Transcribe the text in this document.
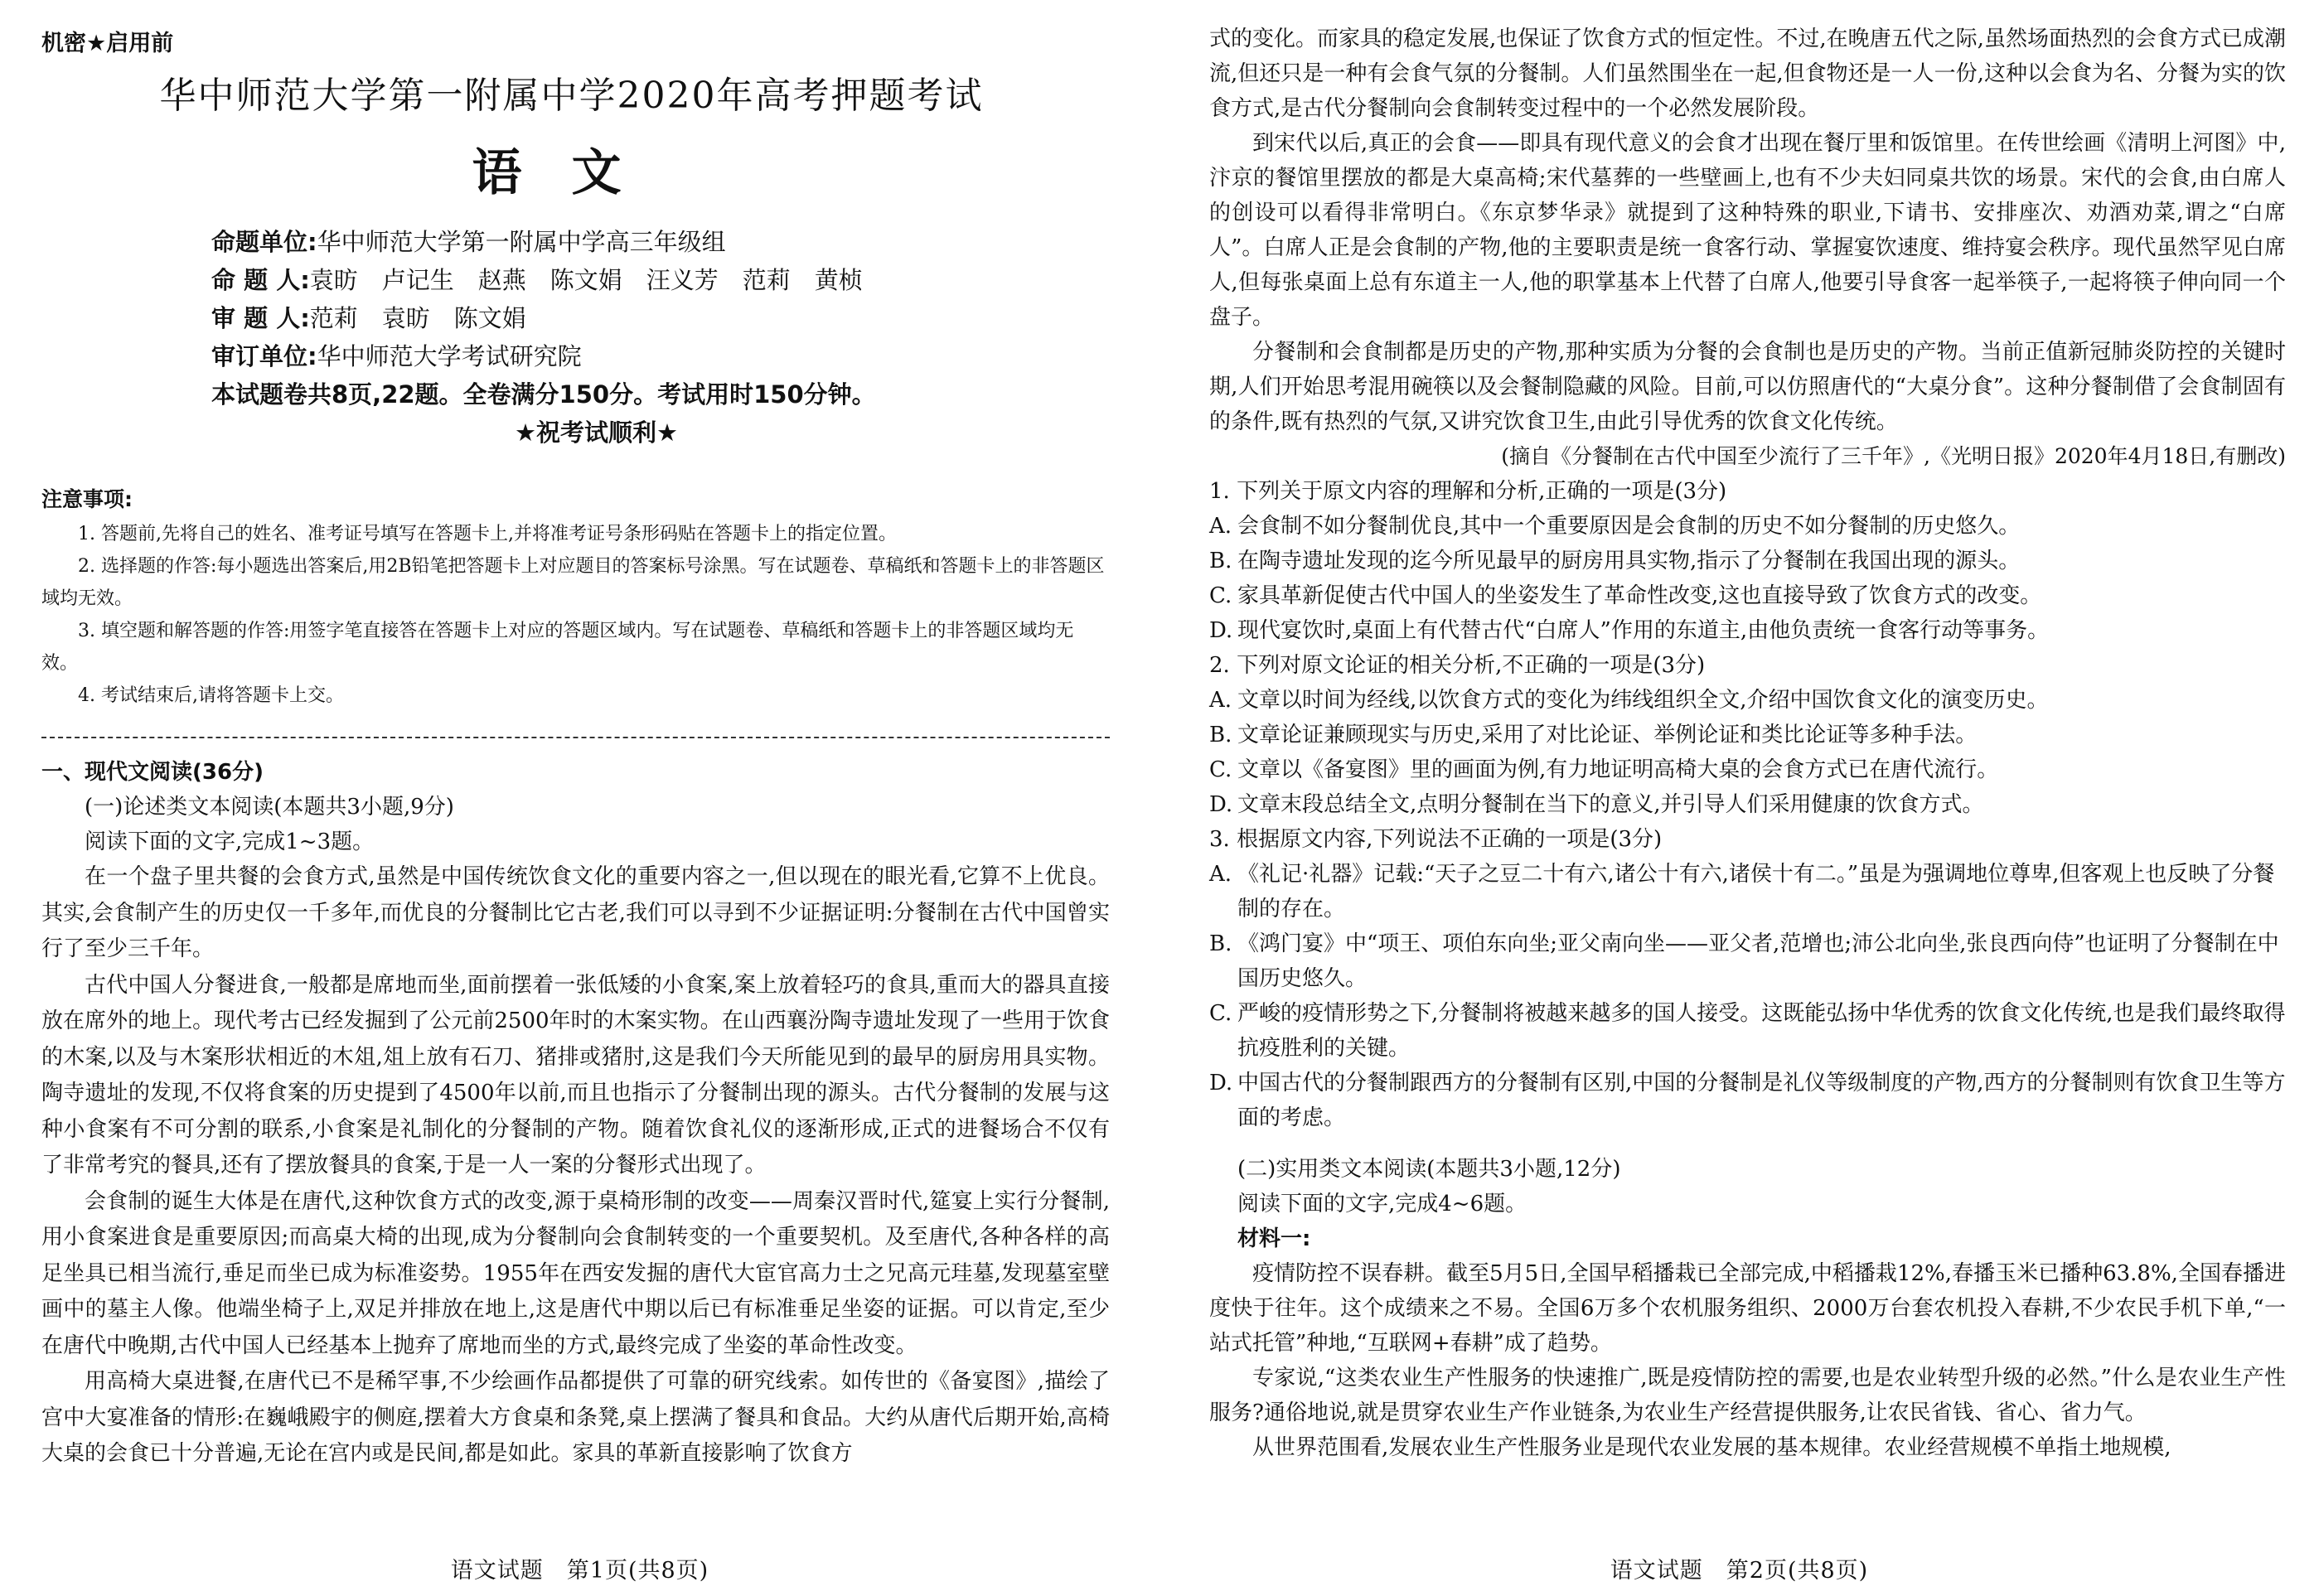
机密★启用前
华中师范大学第一附属中学2020年高考押题考试
语文
命题单位:华中师范大学第一附属中学高三年级组
命 题 人:袁昉　卢记生　赵燕　陈文娟　汪义芳　范莉　黄桢
审 题 人:范莉　袁昉　陈文娟
审订单位:华中师范大学考试研究院
本试题卷共8页,22题。全卷满分150分。考试用时150分钟。
★祝考试顺利★
注意事项:
1. 答题前,先将自己的姓名、准考证号填写在答题卡上,并将准考证号条形码贴在答题卡上的指定位置。
2. 选择题的作答:每小题选出答案后,用2B铅笔把答题卡上对应题目的答案标号涂黑。写在试题卷、草稿纸和答题卡上的非答题区域均无效。
3. 填空题和解答题的作答:用签字笔直接答在答题卡上对应的答题区域内。写在试题卷、草稿纸和答题卡上的非答题区域均无效。
4. 考试结束后,请将答题卡上交。
一、现代文阅读(36分)
(一)论述类文本阅读(本题共3小题,9分)
阅读下面的文字,完成1~3题。
在一个盘子里共餐的会食方式,虽然是中国传统饮食文化的重要内容之一,但以现在的眼光看,它算不上优良。其实,会食制产生的历史仅一千多年,而优良的分餐制比它古老,我们可以寻到不少证据证明:分餐制在古代中国曾实行了至少三千年。
古代中国人分餐进食,一般都是席地而坐,面前摆着一张低矮的小食案,案上放着轻巧的食具,重而大的器具直接放在席外的地上。现代考古已经发掘到了公元前2500年时的木案实物。在山西襄汾陶寺遗址发现了一些用于饮食的木案,以及与木案形状相近的木俎,俎上放有石刀、猪排或猪肘,这是我们今天所能见到的最早的厨房用具实物。陶寺遗址的发现,不仅将食案的历史提到了4500年以前,而且也指示了分餐制出现的源头。古代分餐制的发展与这种小食案有不可分割的联系,小食案是礼制化的分餐制的产物。随着饮食礼仪的逐渐形成,正式的进餐场合不仅有了非常考究的餐具,还有了摆放餐具的食案,于是一人一案的分餐形式出现了。
会食制的诞生大体是在唐代,这种饮食方式的改变,源于桌椅形制的改变——周秦汉晋时代,筵宴上实行分餐制,用小食案进食是重要原因;而高桌大椅的出现,成为分餐制向会食制转变的一个重要契机。及至唐代,各种各样的高足坐具已相当流行,垂足而坐已成为标准姿势。1955年在西安发掘的唐代大宦官高力士之兄高元珪墓,发现墓室壁画中的墓主人像。他端坐椅子上,双足并排放在地上,这是唐代中期以后已有标准垂足坐姿的证据。可以肯定,至少在唐代中晚期,古代中国人已经基本上抛弃了席地而坐的方式,最终完成了坐姿的革命性改变。
用高椅大桌进餐,在唐代已不是稀罕事,不少绘画作品都提供了可靠的研究线索。如传世的《备宴图》,描绘了宫中大宴准备的情形:在巍峨殿宇的侧庭,摆着大方食桌和条凳,桌上摆满了餐具和食品。大约从唐代后期开始,高椅大桌的会食已十分普遍,无论在宫内或是民间,都是如此。家具的革新直接影响了饮食方
语文试题　第1页(共8页)
式的变化。而家具的稳定发展,也保证了饮食方式的恒定性。不过,在晚唐五代之际,虽然场面热烈的会食方式已成潮流,但还只是一种有会食气氛的分餐制。人们虽然围坐在一起,但食物还是一人一份,这种以会食为名、分餐为实的饮食方式,是古代分餐制向会食制转变过程中的一个必然发展阶段。
到宋代以后,真正的会食——即具有现代意义的会食才出现在餐厅里和饭馆里。在传世绘画《清明上河图》中,汴京的餐馆里摆放的都是大桌高椅;宋代墓葬的一些壁画上,也有不少夫妇同桌共饮的场景。宋代的会食,由白席人的创设可以看得非常明白。《东京梦华录》就提到了这种特殊的职业,下请书、安排座次、劝酒劝菜,谓之“白席人”。白席人正是会食制的产物,他的主要职责是统一食客行动、掌握宴饮速度、维持宴会秩序。现代虽然罕见白席人,但每张桌面上总有东道主一人,他的职掌基本上代替了白席人,他要引导食客一起举筷子,一起将筷子伸向同一个盘子。
分餐制和会食制都是历史的产物,那种实质为分餐的会食制也是历史的产物。当前正值新冠肺炎防控的关键时期,人们开始思考混用碗筷以及会餐制隐藏的风险。目前,可以仿照唐代的“大桌分食”。这种分餐制借了会食制固有的条件,既有热烈的气氛,又讲究饮食卫生,由此引导优秀的饮食文化传统。
(摘自《分餐制在古代中国至少流行了三千年》,《光明日报》2020年4月18日,有删改)
1. 下列关于原文内容的理解和分析,正确的一项是(3分)
A. 会食制不如分餐制优良,其中一个重要原因是会食制的历史不如分餐制的历史悠久。
B. 在陶寺遗址发现的迄今所见最早的厨房用具实物,指示了分餐制在我国出现的源头。
C. 家具革新促使古代中国人的坐姿发生了革命性改变,这也直接导致了饮食方式的改变。
D. 现代宴饮时,桌面上有代替古代“白席人”作用的东道主,由他负责统一食客行动等事务。
2. 下列对原文论证的相关分析,不正确的一项是(3分)
A. 文章以时间为经线,以饮食方式的变化为纬线组织全文,介绍中国饮食文化的演变历史。
B. 文章论证兼顾现实与历史,采用了对比论证、举例论证和类比论证等多种手法。
C. 文章以《备宴图》里的画面为例,有力地证明高椅大桌的会食方式已在唐代流行。
D. 文章末段总结全文,点明分餐制在当下的意义,并引导人们采用健康的饮食方式。
3. 根据原文内容,下列说法不正确的一项是(3分)
A. 《礼记·礼器》记载:“天子之豆二十有六,诸公十有六,诸侯十有二。”虽是为强调地位尊卑,但客观上也反映了分餐制的存在。
B. 《鸿门宴》中“项王、项伯东向坐;亚父南向坐——亚父者,范增也;沛公北向坐,张良西向侍”也证明了分餐制在中国历史悠久。
C. 严峻的疫情形势之下,分餐制将被越来越多的国人接受。这既能弘扬中华优秀的饮食文化传统,也是我们最终取得抗疫胜利的关键。
D. 中国古代的分餐制跟西方的分餐制有区别,中国的分餐制是礼仪等级制度的产物,西方的分餐制则有饮食卫生等方面的考虑。
(二)实用类文本阅读(本题共3小题,12分)
阅读下面的文字,完成4~6题。
材料一:
疫情防控不误春耕。截至5月5日,全国早稻播栽已全部完成,中稻播栽12%,春播玉米已播种63.8%,全国春播进度快于往年。这个成绩来之不易。全国6万多个农机服务组织、2000万台套农机投入春耕,不少农民手机下单,“一站式托管”种地,“互联网+春耕”成了趋势。
专家说,“这类农业生产性服务的快速推广,既是疫情防控的需要,也是农业转型升级的必然。”什么是农业生产性服务?通俗地说,就是贯穿农业生产作业链条,为农业生产经营提供服务,让农民省钱、省心、省力气。
从世界范围看,发展农业生产性服务业是现代农业发展的基本规律。农业经营规模不单指土地规模,
语文试题　第2页(共8页)
